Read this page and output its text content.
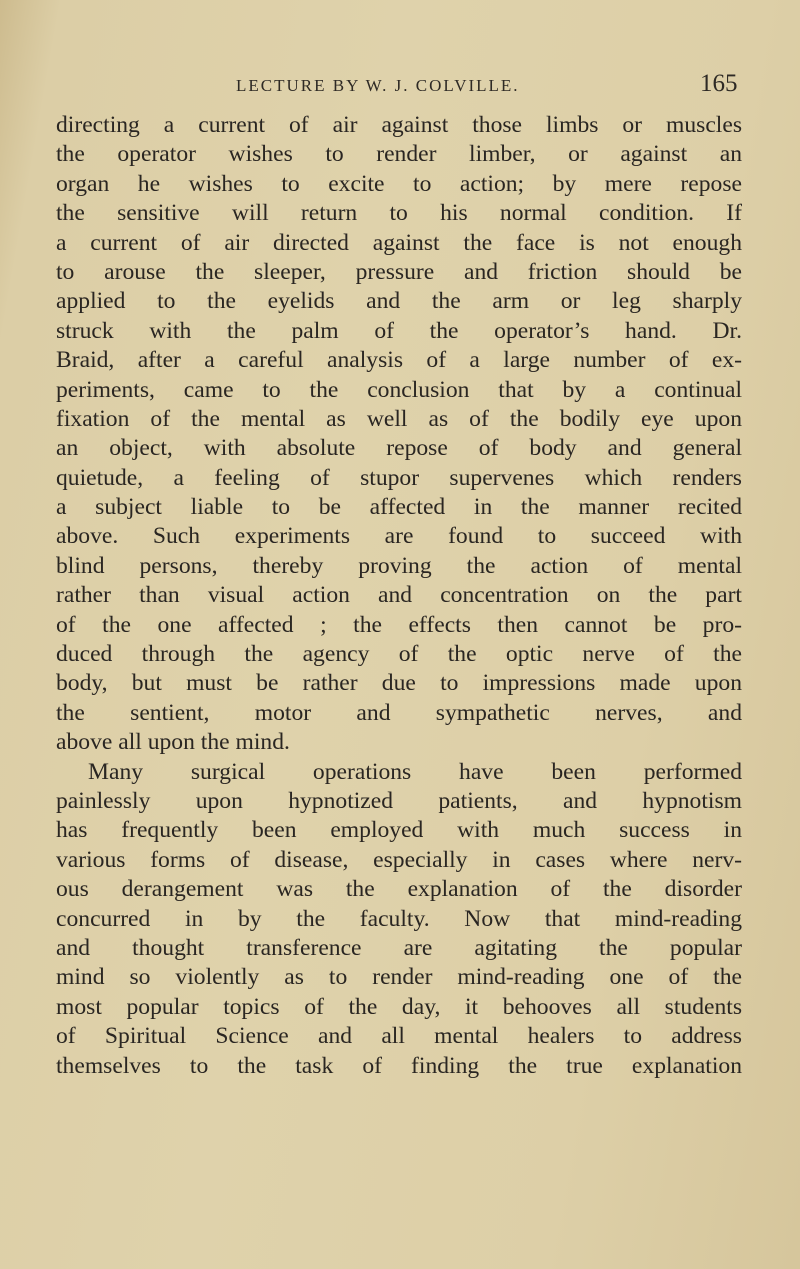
LECTURE BY W. J. COLVILLE.	165
directing a current of air against those limbs or muscles
the operator wishes to render limber, or against an
organ he wishes to excite to action; by mere repose
the sensitive will return to his normal condition. If
a current of air directed against the face is not enough
to arouse the sleeper, pressure and friction should be
applied to the eyelids and the arm or leg sharply
struck with the palm of the operator’s hand. Dr.
Braid, after a careful analysis of a large number of ex-
periments, came to the conclusion that by a continual
fixation of the mental as well as of the bodily eye upon
an object, with absolute repose of body and general
quietude, a feeling of stupor supervenes which renders
a subject liable to be affected in the manner recited
above. Such experiments are found to succeed with
blind persons, thereby proving the action of mental
rather than visual action and concentration on the part
of the one affected ; the effects then cannot be pro-
duced through the agency of the optic nerve of the
body, but must be rather due to impressions made upon
the sentient, motor and sympathetic nerves, and
above all upon the mind.
Many surgical operations have been performed
painlessly upon hypnotized patients, and hypnotism
has frequently been employed with much success in
various forms of disease, especially in cases where nerv-
ous derangement was the explanation of the disorder
concurred in by the faculty. Now that mind-reading
and thought transference are agitating the popular
mind so violently as to render mind-reading one of the
most popular topics of the day, it behooves all students
of Spiritual Science and all mental healers to address
themselves to the task of finding the true explanation
